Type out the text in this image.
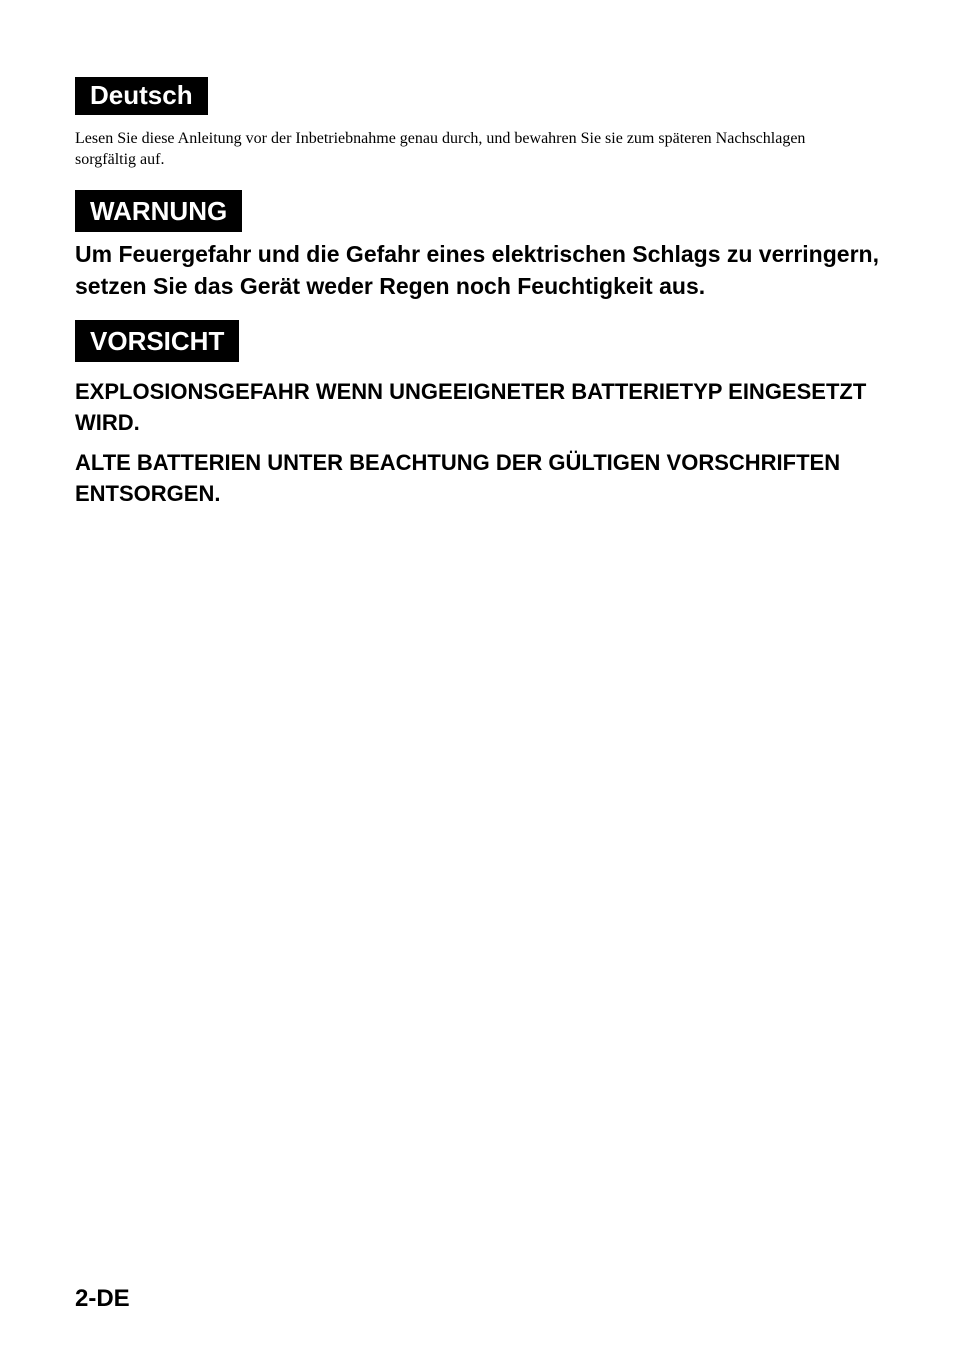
Deutsch

Lesen Sie diese Anleitung vor der Inbetriebnahme genau durch, und bewahren Sie sie zum späteren Nachschlagen sorgfältig auf.

WARNUNG

Um Feuergefahr und die Gefahr eines elektrischen Schlags zu verringern, setzen Sie das Gerät weder Regen noch Feuchtigkeit aus.

VORSICHT

EXPLOSIONSGEFAHR WENN UNGEEIGNETER BATTERIETYP EINGESETZT WIRD.

ALTE BATTERIEN UNTER BEACHTUNG DER GÜLTIGEN VORSCHRIFTEN ENTSORGEN.

2-DE
